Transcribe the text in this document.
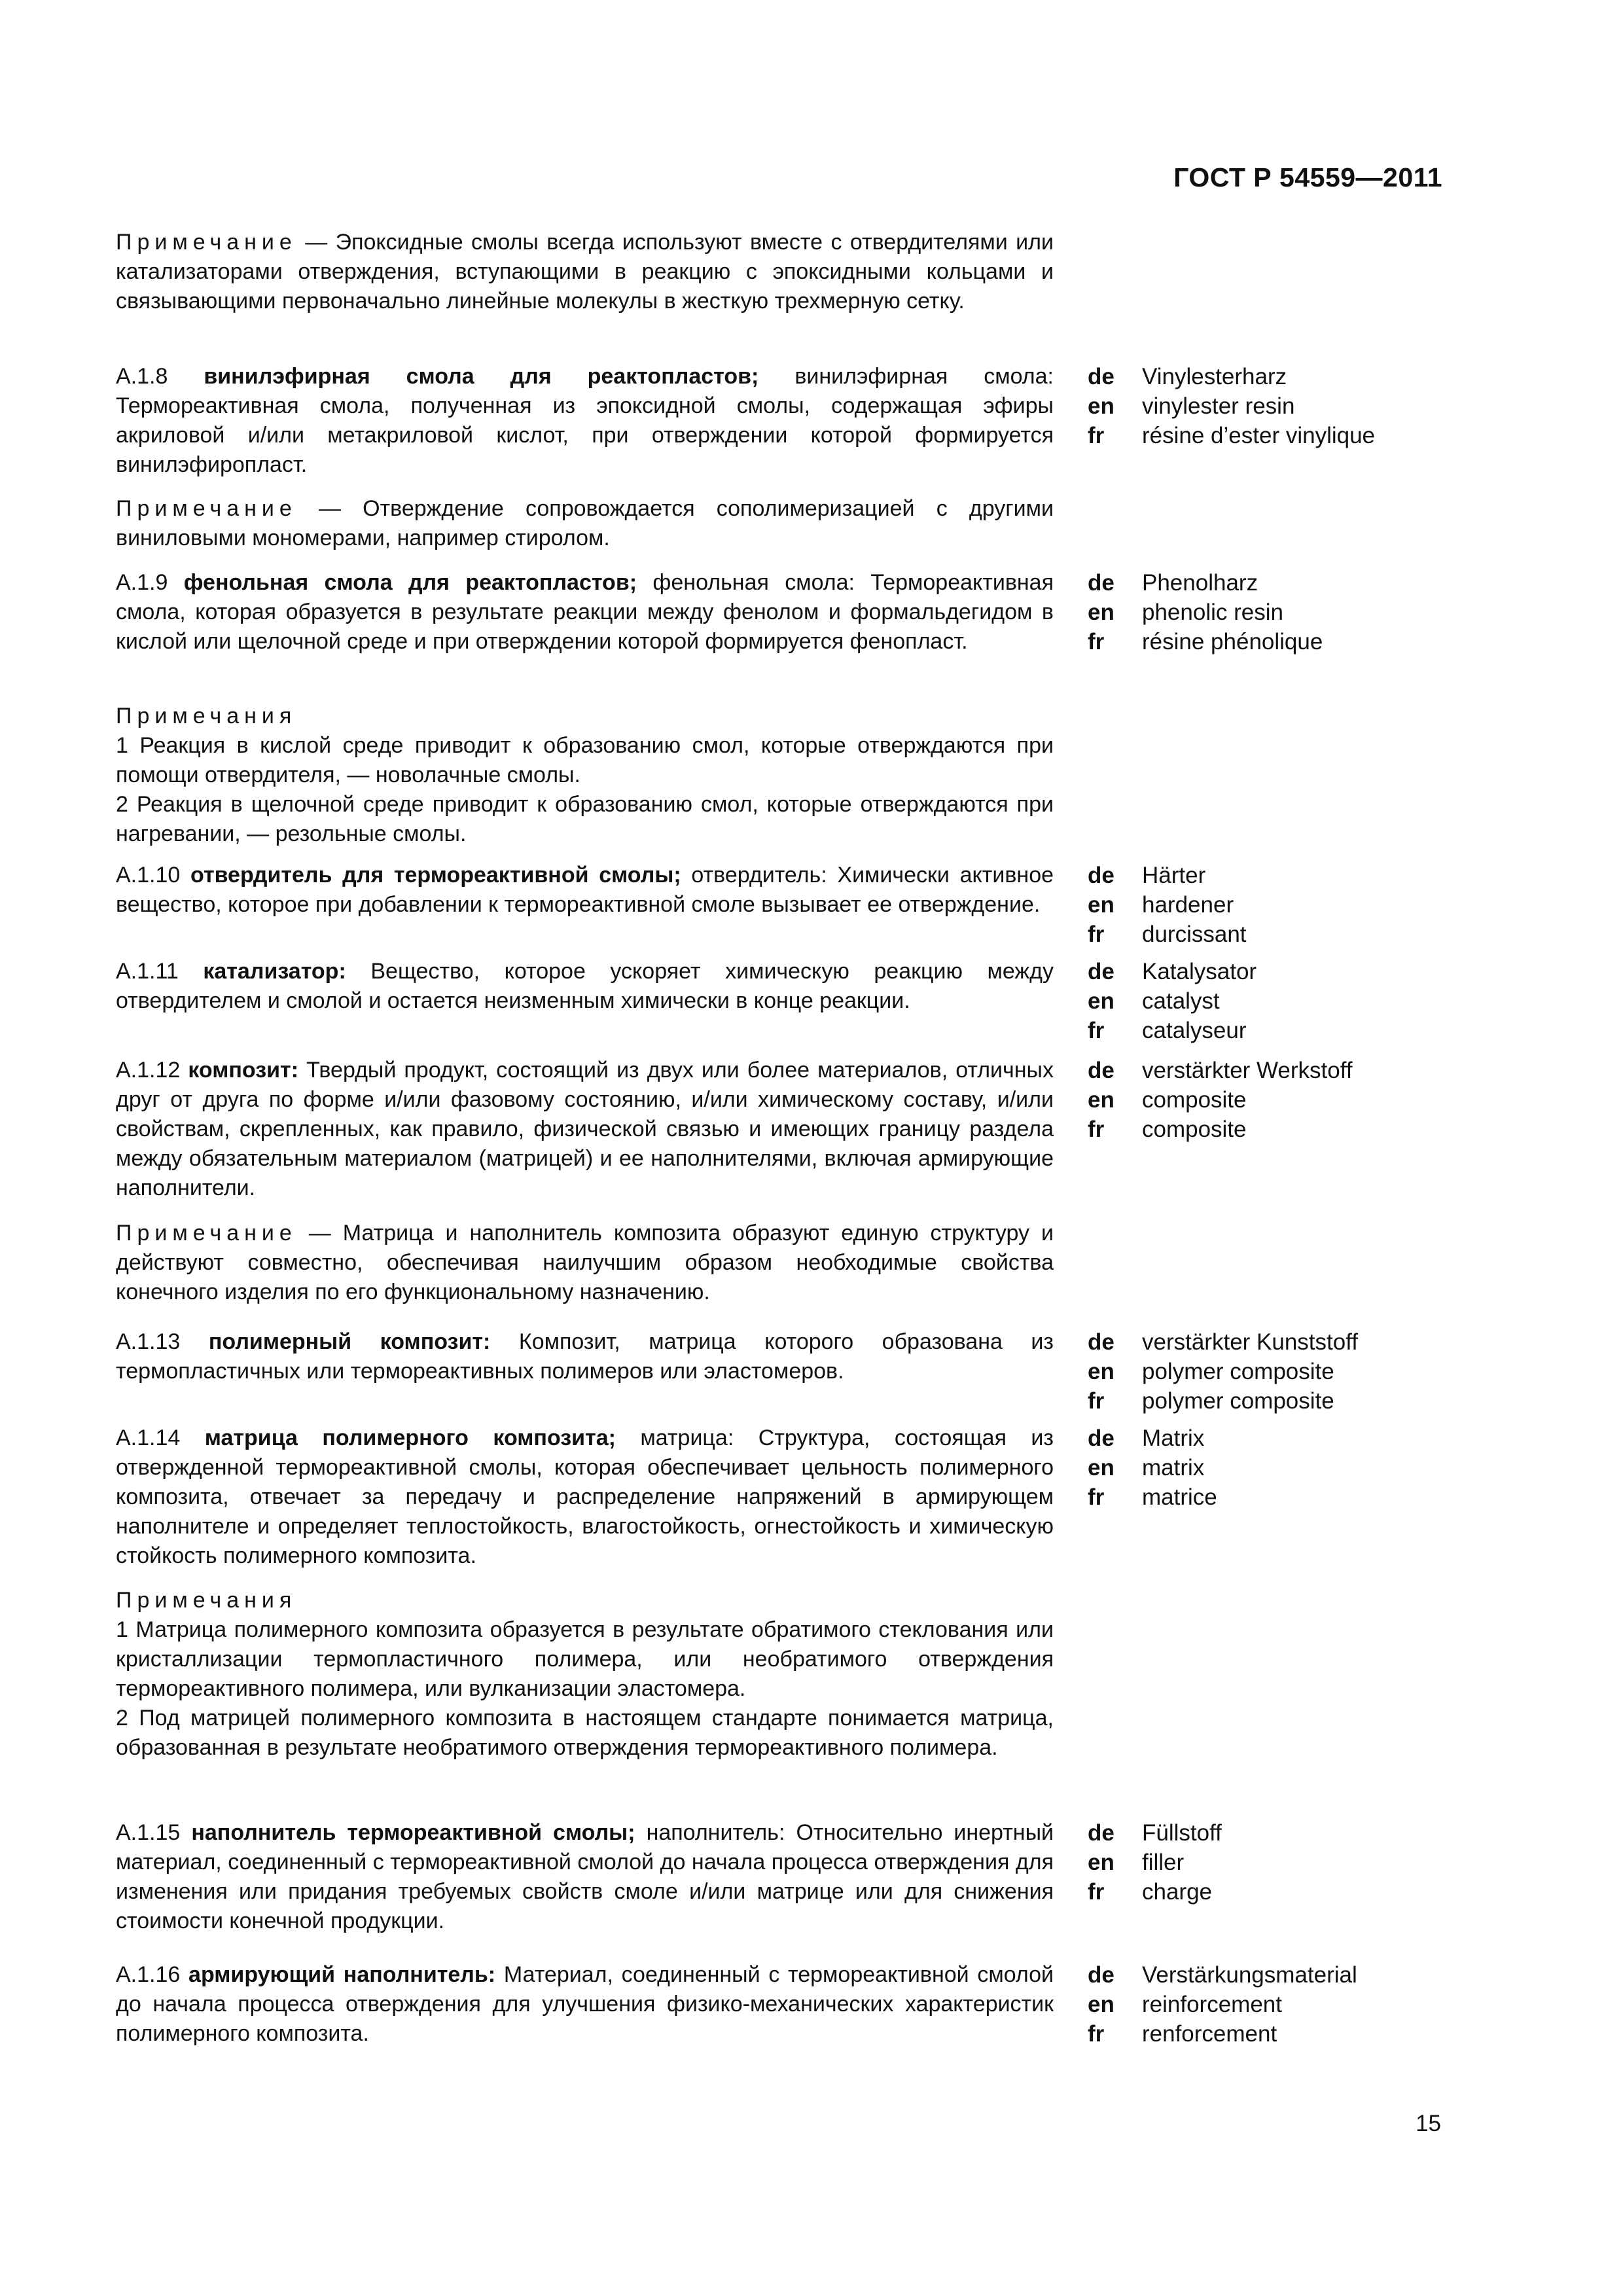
ГОСТ Р 54559—2011
Примечание — Эпоксидные смолы всегда используют вместе с отвердителями или катализаторами отверждения, вступающими в реакцию с эпоксидными кольцами и связывающими первоначально линейные молекулы в жесткую трехмерную сетку.
А.1.8 винилэфирная смола для реактопластов; винилэфирная смола: Термореактивная смола, полученная из эпоксидной смолы, содержащая эфиры акриловой и/или метакриловой кислот, при отверждении которой формируется винилэфиропласт.
de	Vinylesterharz
en	vinylester resin
fr	résine d’ester vinylique
Примечание — Отверждение сопровождается сополимеризацией с другими виниловыми мономерами, например стиролом.
А.1.9 фенольная смола для реактопластов; фенольная смола: Термореактивная смола, которая образуется в результате реакции между фенолом и формальдегидом в кислой или щелочной среде и при отверждении которой формируется фенопласт.
de	Phenolharz
en	phenolic resin
fr	résine phénolique
Примечания
1 Реакция в кислой среде приводит к образованию смол, которые отверждаются при помощи отвердителя, — новолачные смолы.
2 Реакция в щелочной среде приводит к образованию смол, которые отверждаются при нагревании, — резольные смолы.
А.1.10 отвердитель для термореактивной смолы; отвердитель: Химически активное вещество, которое при добавлении к термореактивной смоле вызывает ее отверждение.
de	Härter
en	hardener
fr	durcissant
А.1.11 катализатор: Вещество, которое ускоряет химическую реакцию между отвердителем и смолой и остается неизменным химически в конце реакции.
de	Katalysator
en	catalyst
fr	catalyseur
А.1.12 композит: Твердый продукт, состоящий из двух или более материалов, отличных друг от друга по форме и/или фазовому состоянию, и/или химическому составу, и/или свойствам, скрепленных, как правило, физической связью и имеющих границу раздела между обязательным материалом (матрицей) и ее наполнителями, включая армирующие наполнители.
de	verstärkter Werkstoff
en	composite
fr	composite
Примечание — Матрица и наполнитель композита образуют единую структуру и действуют совместно, обеспечивая наилучшим образом необходимые свойства конечного изделия по его функциональному назначению.
А.1.13 полимерный композит: Композит, матрица которого образована из термопластичных или термореактивных полимеров или эластомеров.
de	verstärkter Kunststoff
en	polymer composite
fr	polymer composite
А.1.14 матрица полимерного композита; матрица: Структура, состоящая из отвержденной термореактивной смолы, которая обеспечивает цельность полимерного композита, отвечает за передачу и распределение напряжений в армирующем наполнителе и определяет теплостойкость, влагостойкость, огнестойкость и химическую стойкость полимерного композита.
de	Matrix
en	matrix
fr	matrice
Примечания
1 Матрица полимерного композита образуется в результате обратимого стеклования или кристаллизации термопластичного полимера, или необратимого отверждения термореактивного полимера, или вулканизации эластомера.
2 Под матрицей полимерного композита в настоящем стандарте понимается матрица, образованная в результате необратимого отверждения термореактивного полимера.
А.1.15 наполнитель термореактивной смолы; наполнитель: Относительно инертный материал, соединенный с термореактивной смолой до начала процесса отверждения для изменения или придания требуемых свойств смоле и/или матрице или для снижения стоимости конечной продукции.
de	Füllstoff
en	filler
fr	charge
А.1.16 армирующий наполнитель: Материал, соединенный с термореактивной смолой до начала процесса отверждения для улучшения физико-механических характеристик полимерного композита.
de	Verstärkungsmaterial
en	reinforcement
fr	renforcement
15
